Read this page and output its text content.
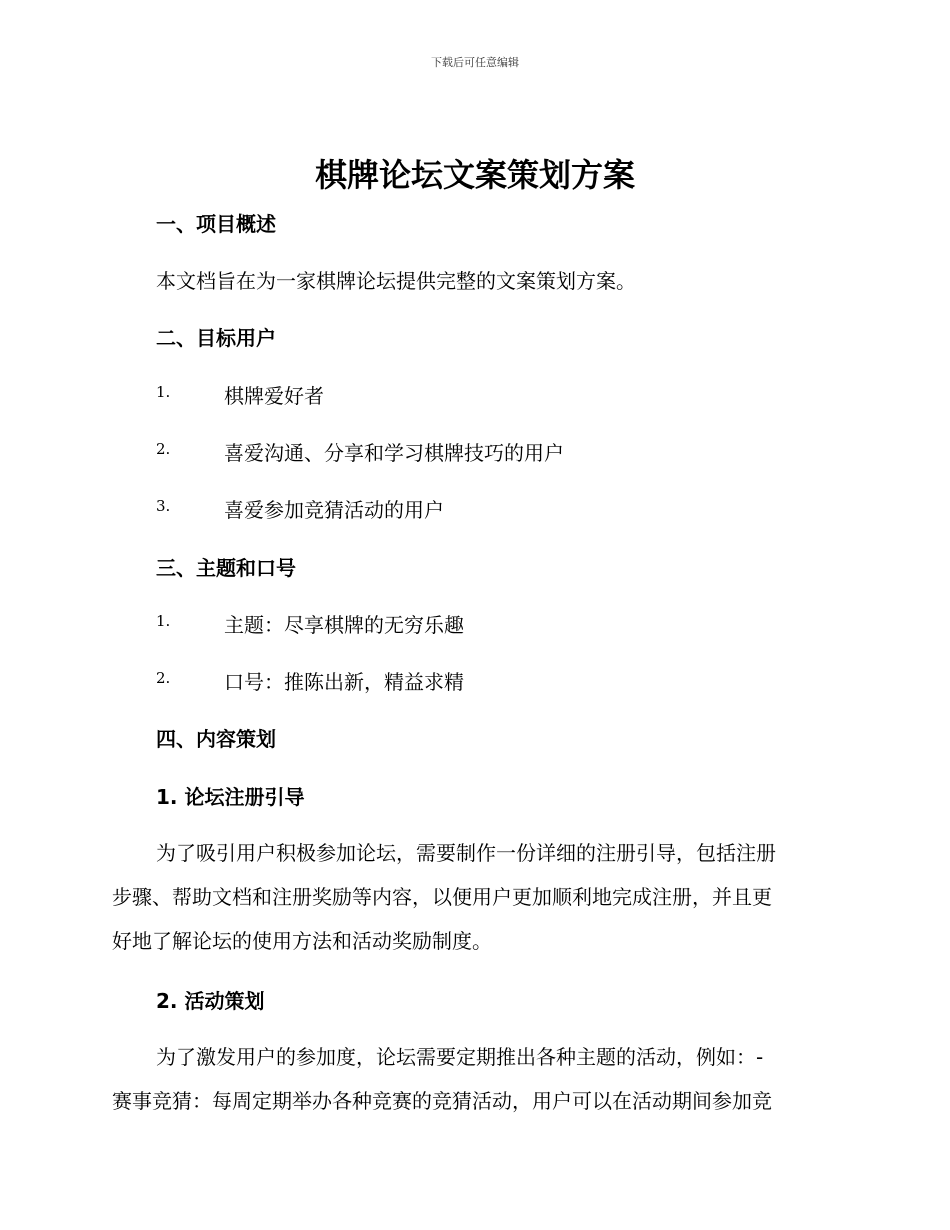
下载后可任意编辑
棋牌论坛文案策划方案
一、项目概述

本文档旨在为一家棋牌论坛提供完整的文案策划方案。

二、目标用户
1.	棋牌爱好者
2.	喜爱沟通、分享和学习棋牌技巧的用户
3.	喜爱参加竞猜活动的用户
三、主题和口号
1.	主题：尽享棋牌的无穷乐趣
2.	口号：推陈出新，精益求精
四、内容策划
1. 论坛注册引导
为了吸引用户积极参加论坛，需要制作一份详细的注册引导，包括注册
步骤、帮助文档和注册奖励等内容，以便用户更加顺利地完成注册，并且更
好地了解论坛的使用方法和活动奖励制度。
2. 活动策划
为了激发用户的参加度，论坛需要定期推出各种主题的活动，例如：-
赛事竞猜：每周定期举办各种竞赛的竞猜活动，用户可以在活动期间参加竞
